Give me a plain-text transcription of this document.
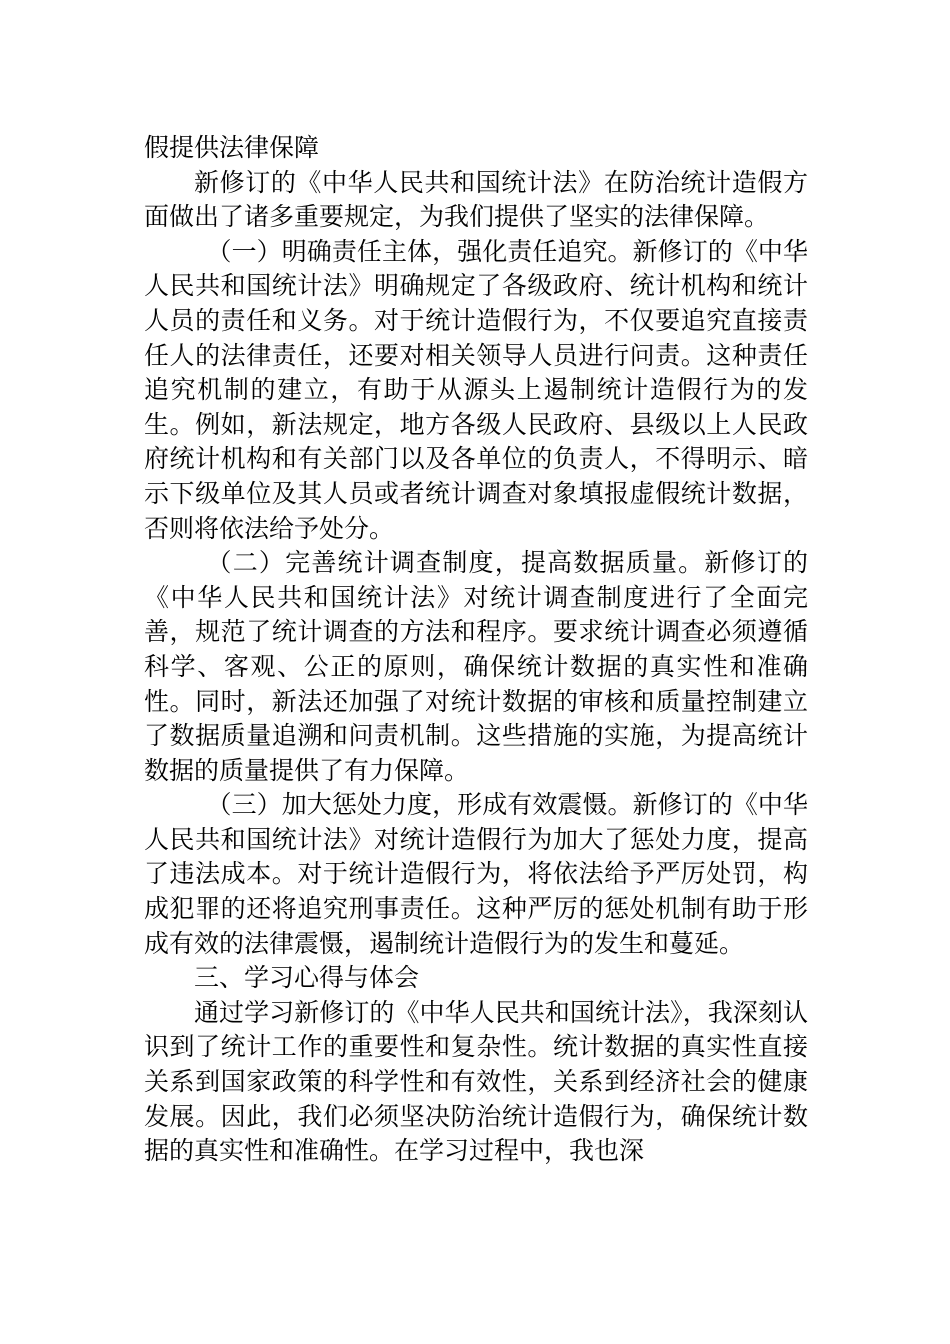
假提供法律保障

新修订的《中华人民共和国统计法》在防治统计造假方面做出了诸多重要规定，为我们提供了坚实的法律保障。

（一）明确责任主体，强化责任追究。新修订的《中华人民共和国统计法》明确规定了各级政府、统计机构和统计人员的责任和义务。对于统计造假行为，不仅要追究直接责任人的法律责任，还要对相关领导人员进行问责。这种责任追究机制的建立，有助于从源头上遏制统计造假行为的发生。例如，新法规定，地方各级人民政府、县级以上人民政府统计机构和有关部门以及各单位的负责人，不得明示、暗示下级单位及其人员或者统计调查对象填报虚假统计数据，否则将依法给予处分。

（二）完善统计调查制度，提高数据质量。新修订的《中华人民共和国统计法》对统计调查制度进行了全面完善，规范了统计调查的方法和程序。要求统计调查必须遵循科学、客观、公正的原则，确保统计数据的真实性和准确性。同时，新法还加强了对统计数据的审核和质量控制建立了数据质量追溯和问责机制。这些措施的实施，为提高统计数据的质量提供了有力保障。

（三）加大惩处力度，形成有效震慑。新修订的《中华人民共和国统计法》对统计造假行为加大了惩处力度，提高了违法成本。对于统计造假行为，将依法给予严厉处罚，构成犯罪的还将追究刑事责任。这种严厉的惩处机制有助于形成有效的法律震慑，遏制统计造假行为的发生和蔓延。

三、学习心得与体会

通过学习新修订的《中华人民共和国统计法》，我深刻认识到了统计工作的重要性和复杂性。统计数据的真实性直接关系到国家政策的科学性和有效性，关系到经济社会的健康发展。因此，我们必须坚决防治统计造假行为，确保统计数据的真实性和准确性。在学习过程中，我也深
